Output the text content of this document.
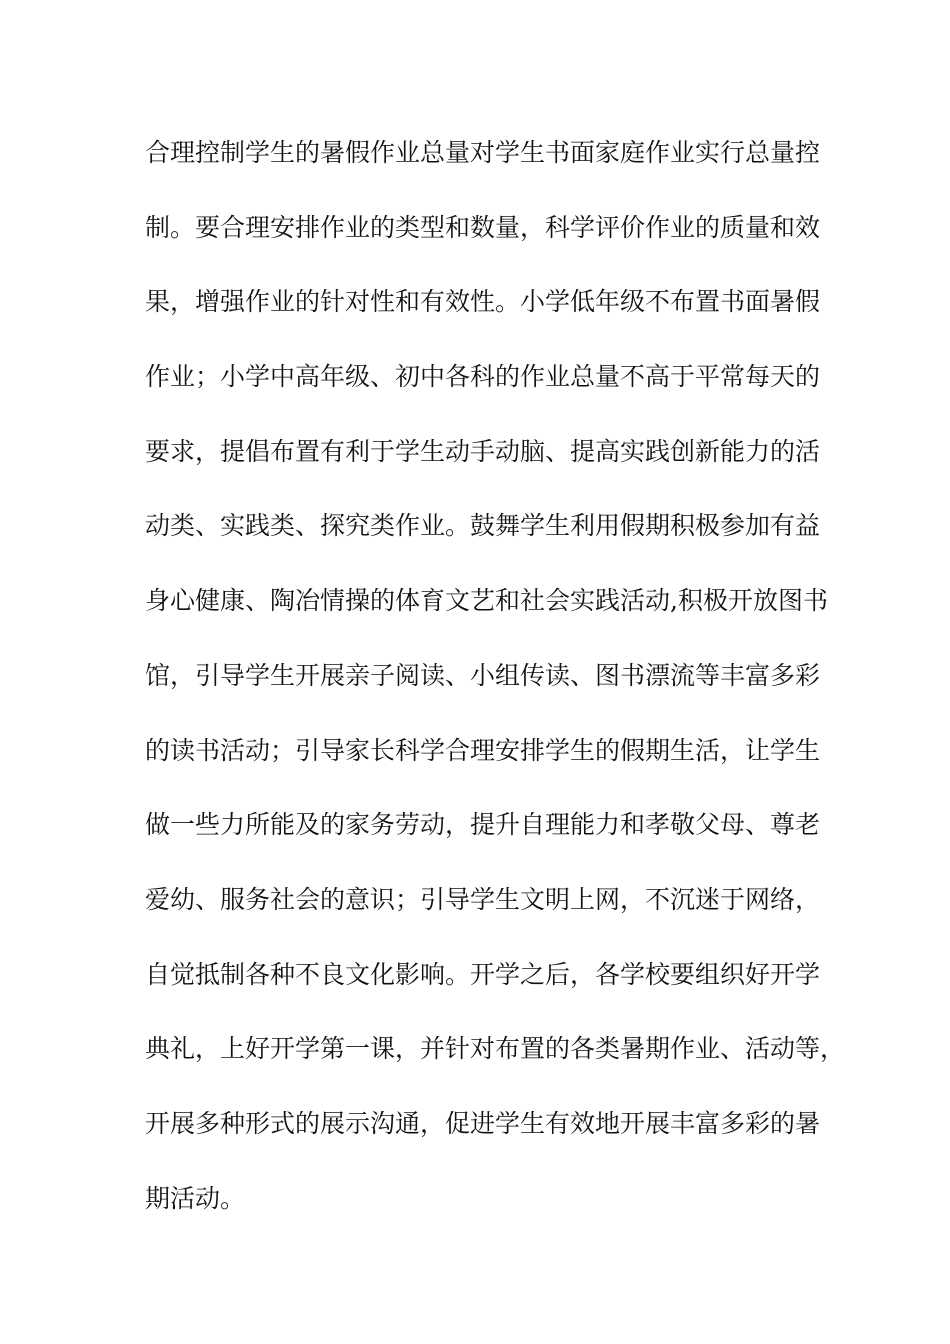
合理控制学生的暑假作业总量对学生书面家庭作业实行总量控
制。要合理安排作业的类型和数量，科学评价作业的质量和效
果，增强作业的针对性和有效性。小学低年级不布置书面暑假
作业；小学中高年级、初中各科的作业总量不高于平常每天的
要求，提倡布置有利于学生动手动脑、提高实践创新能力的活
动类、实践类、探究类作业。鼓舞学生利用假期积极参加有益
身心健康、陶冶情操的体育文艺和社会实践活动,积极开放图书
馆，引导学生开展亲子阅读、小组传读、图书漂流等丰富多彩
的读书活动；引导家长科学合理安排学生的假期生活，让学生
做一些力所能及的家务劳动，提升自理能力和孝敬父母、尊老
爱幼、服务社会的意识；引导学生文明上网，不沉迷于网络，
自觉抵制各种不良文化影响。开学之后，各学校要组织好开学
典礼，上好开学第一课，并针对布置的各类暑期作业、活动等，
开展多种形式的展示沟通，促进学生有效地开展丰富多彩的暑
期活动。
